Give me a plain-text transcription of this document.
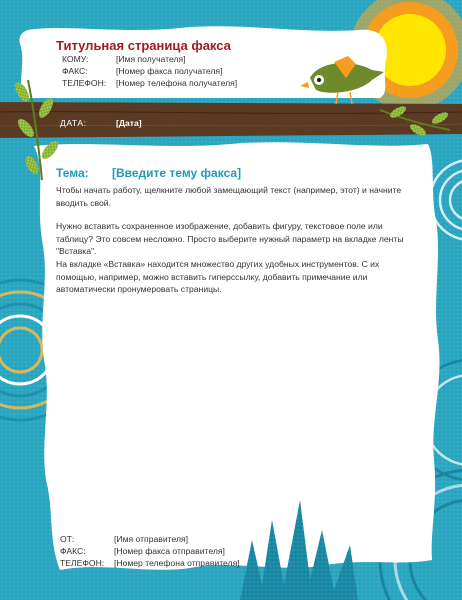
Титульная страница факса
КОМУ:	[Имя получателя]
ФАКС:	[Номер факса получателя]
ТЕЛЕФОН: [Номер телефона получателя]
ДАТА:	[Дата]
Тема: [Введите тему факса]
Чтобы начать работу, щелкните любой замещающий текст (например, этот) и начните вводить свой.
Нужно вставить сохраненное изображение, добавить фигуру, текстовое поле или таблицу? Это совсем несложно. Просто выберите нужный параметр на вкладке ленты "Вставка".
На вкладке «Вставка» находится множество других удобных инструментов. С их помощью, например, можно вставить гиперссылку, добавить примечание или автоматически пронумеровать страницы.
ОТ:	[Имя отправителя]
ФАКС:	[Номер факса отправителя]
ТЕЛЕФОН: [Номер телефона отправителя]
